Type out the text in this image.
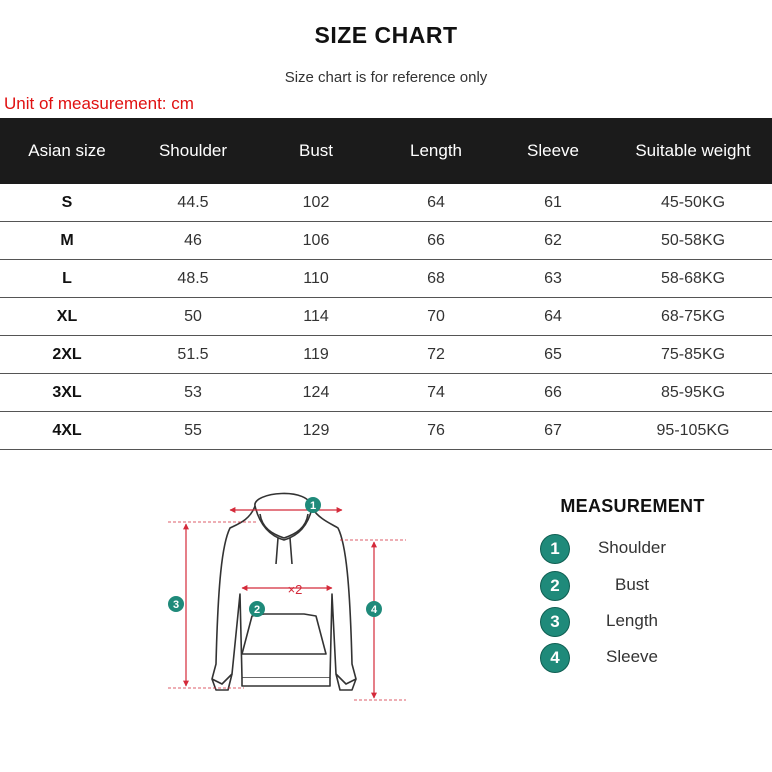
SIZE CHART
Size chart is for reference only
Unit of measurement: cm
Asian size	Shoulder	Bust	Length	Sleeve	Suitable weight
S	44.5	102	64	61	45-50KG
M	46	106	66	62	50-58KG
L	48.5	110	68	63	58-68KG
XL	50	114	70	64	68-75KG
2XL	51.5	119	72	65	75-85KG
3XL	53	124	74	66	85-95KG
4XL	55	129	76	67	95-105KG
×2
1
2
3	4
MEASUREMENT
1	Shoulder
2	Bust
3	Length
4	Sleeve
